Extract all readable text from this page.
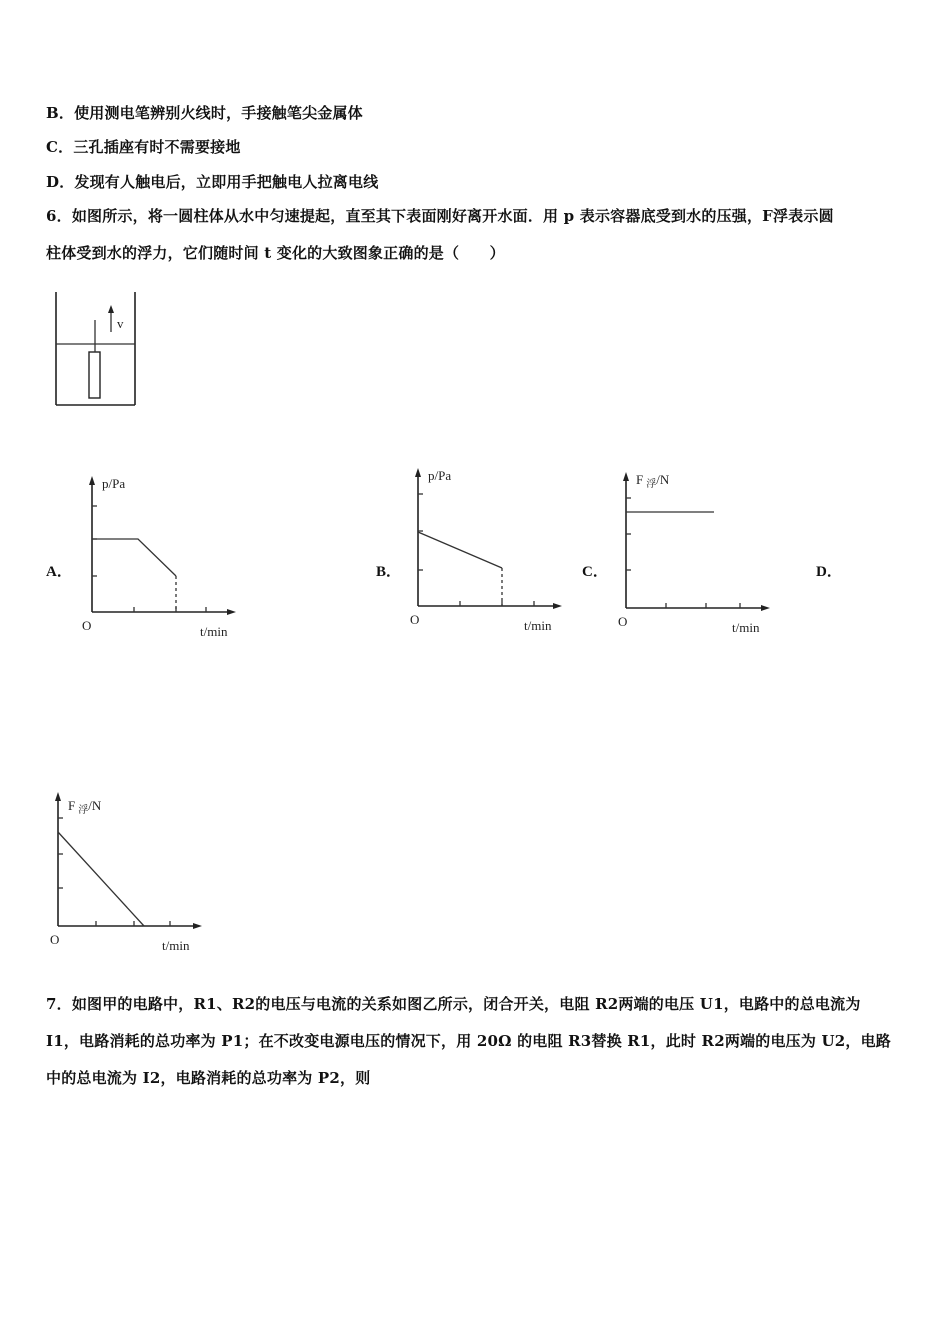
B．使用测电笔辨别火线时，手接触笔尖金属体
C．三孔插座有时不需要接地
D．发现有人触电后，立即用手把触电人拉离电线
6．如图所示，将一圆柱体从水中匀速提起，直至其下表面刚好离开水面．用 p 表示容器底受到水的压强，F浮表示圆
柱体受到水的浮力，它们随时间 t 变化的大致图象正确的是（　　）
v
A．	B．	C．	D．
p/Pa
O	t/min
p/Pa
O	t/min
F $_浮$/N
O	t/min
F $_浮$/N
O	t/min
7．如图甲的电路中，R1、R2的电压与电流的关系如图乙所示，闭合开关，电阻 R2两端的电压 U1，电路中的总电流为
I1，电路消耗的总功率为 P1；在不改变电源电压的情况下，用 20Ω 的电阻 R3替换 R1，此时 R2两端的电压为 U2，电路
中的总电流为 I2，电路消耗的总功率为 P2，则
